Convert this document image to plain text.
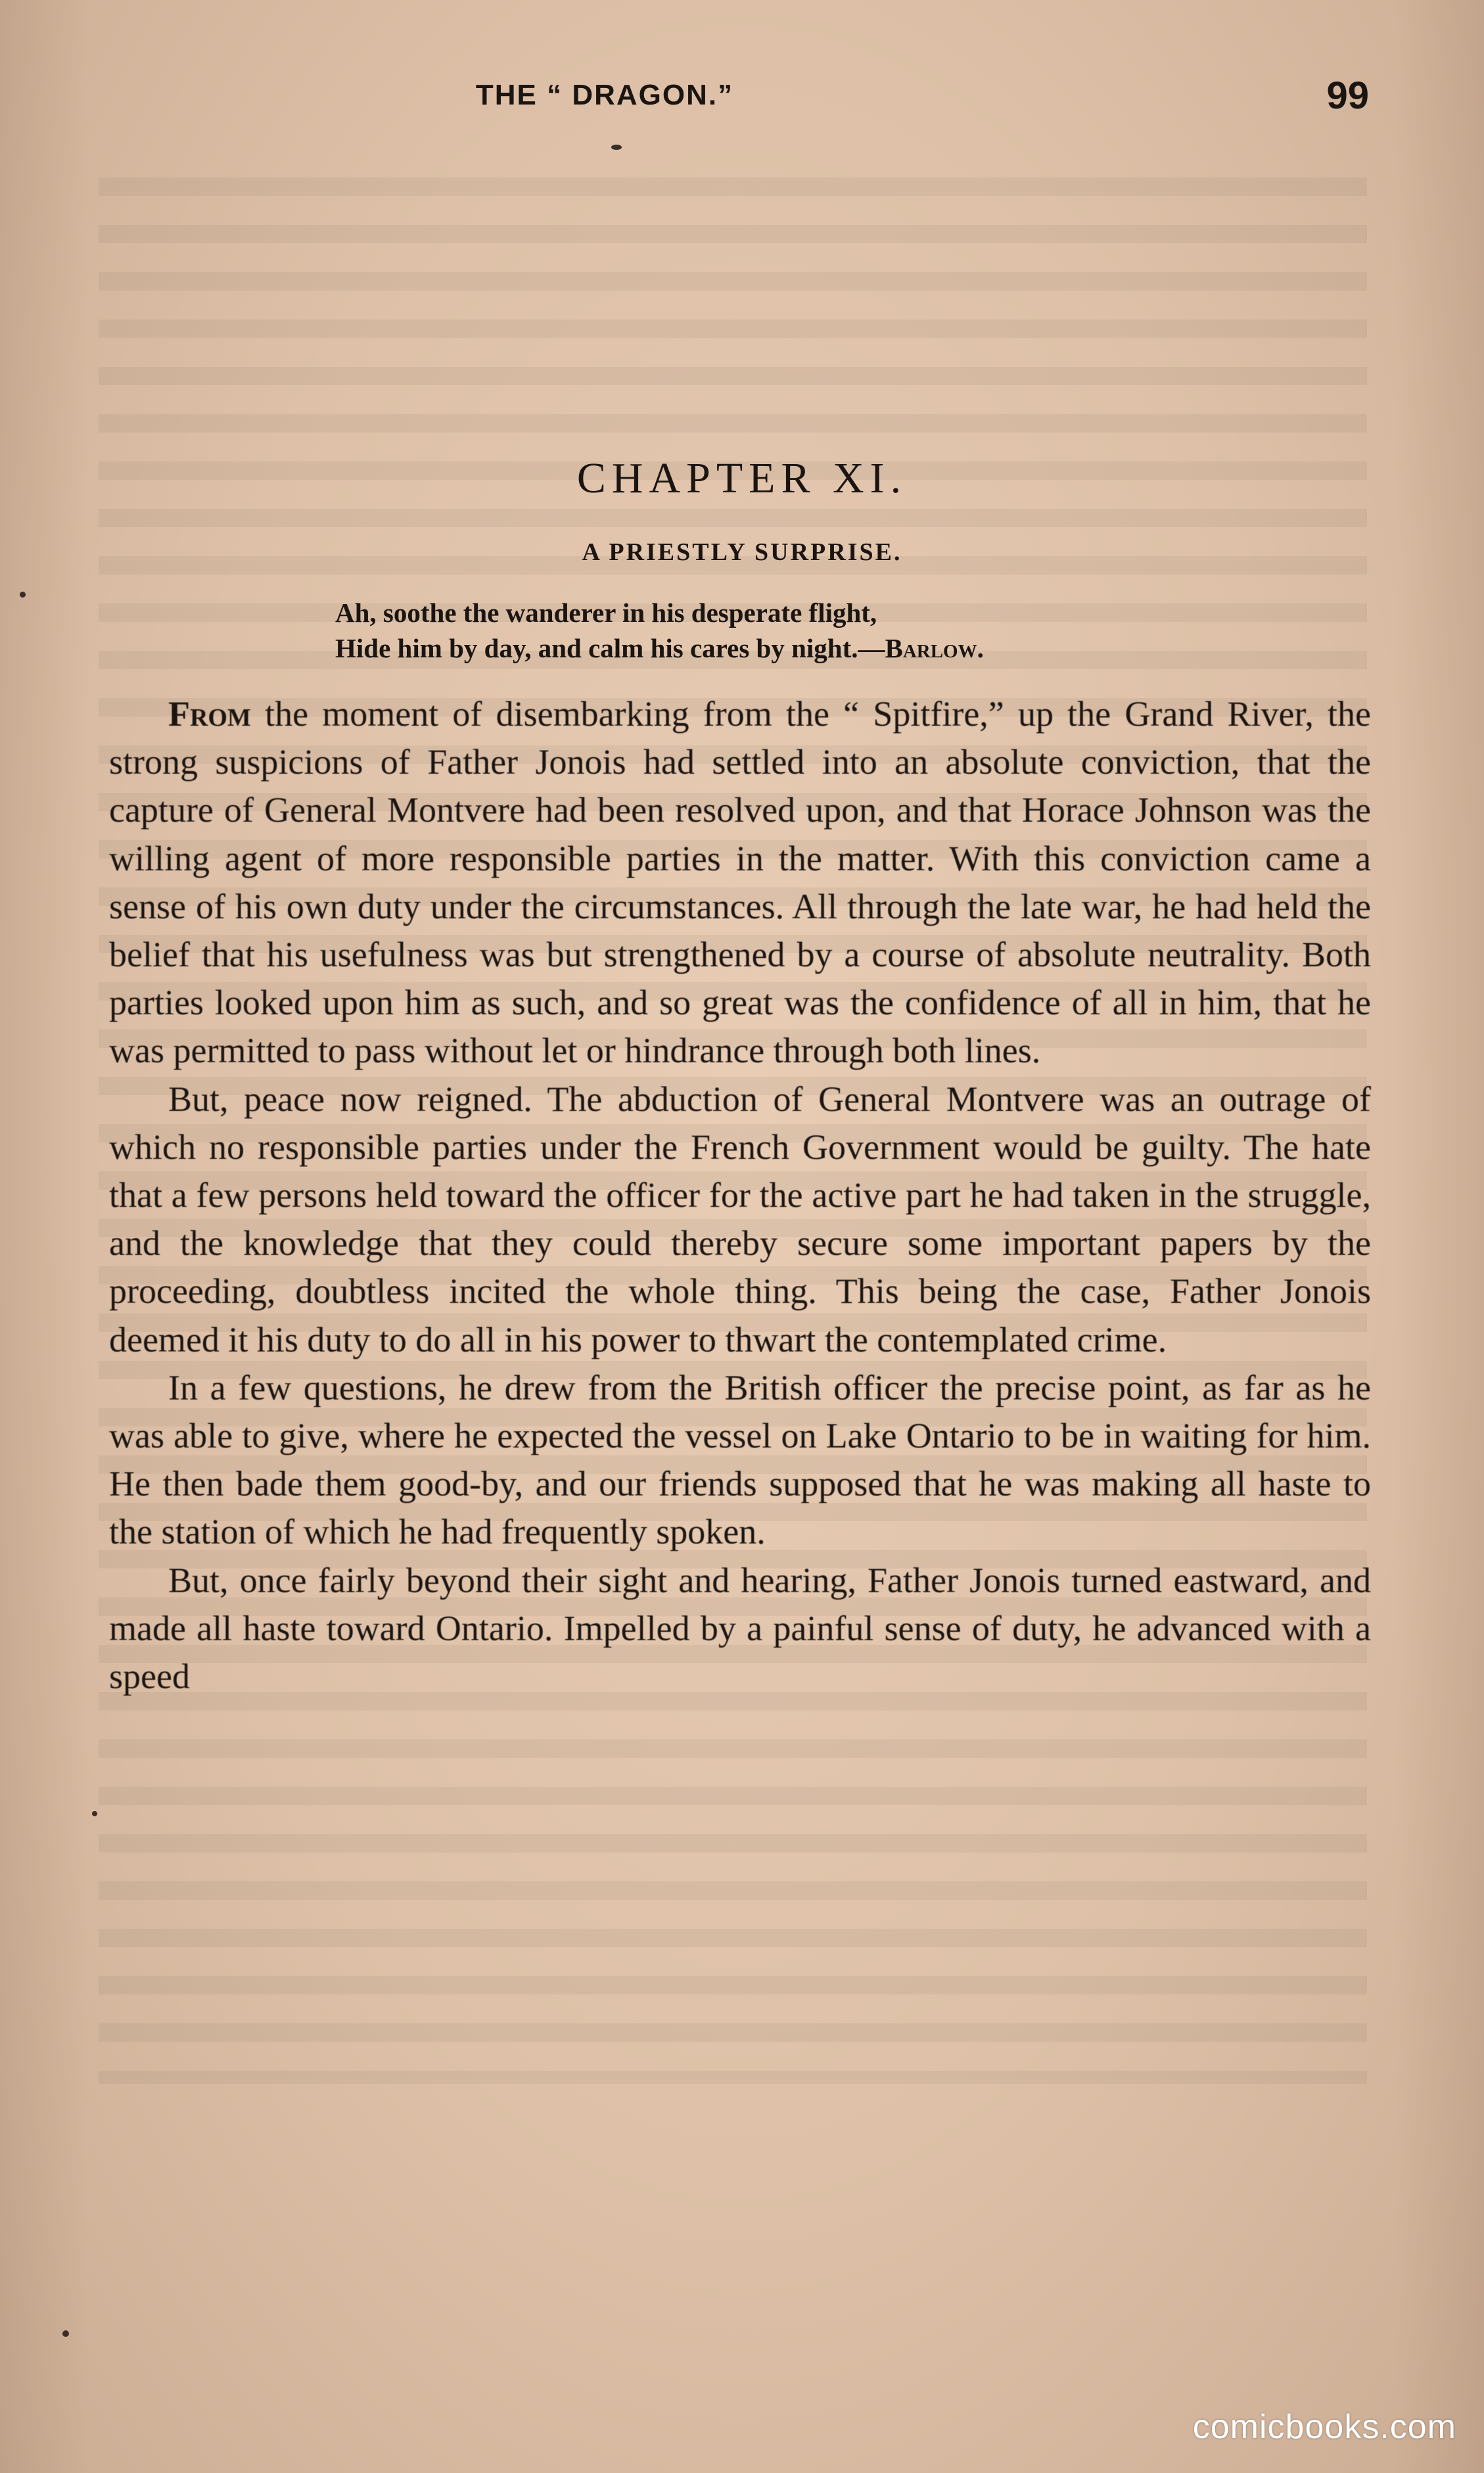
THE “ DRAGON.”	99
CHAPTER XI.
A PRIESTLY SURPRISE.
Ah, soothe the wanderer in his desperate flight,
Hide him by day, and calm his cares by night.—Barlow.

From the moment of disembarking from the “ Spitfire,” up the Grand River, the strong suspicions of Father Jonois had settled into an absolute conviction, that the capture of General Montvere had been resolved upon, and that Horace Johnson was the willing agent of more responsible parties in the matter. With this conviction came a sense of his own duty under the circumstances. All through the late war, he had held the belief that his usefulness was but strengthened by a course of absolute neutrality. Both parties looked upon him as such, and so great was the confidence of all in him, that he was permitted to pass without let or hindrance through both lines.

But, peace now reigned. The abduction of General Montvere was an outrage of which no responsible parties under the French Government would be guilty. The hate that a few persons held toward the officer for the active part he had taken in the struggle, and the knowledge that they could thereby secure some important papers by the proceeding, doubtless incited the whole thing. This being the case, Father Jonois deemed it his duty to do all in his power to thwart the contemplated crime.

In a few questions, he drew from the British officer the precise point, as far as he was able to give, where he expected the vessel on Lake Ontario to be in waiting for him. He then bade them good-by, and our friends supposed that he was making all haste to the station of which he had frequently spoken.

But, once fairly beyond their sight and hearing, Father Jonois turned eastward, and made all haste toward Ontario. Impelled by a painful sense of duty, he advanced with a speed

comicbooks.com
